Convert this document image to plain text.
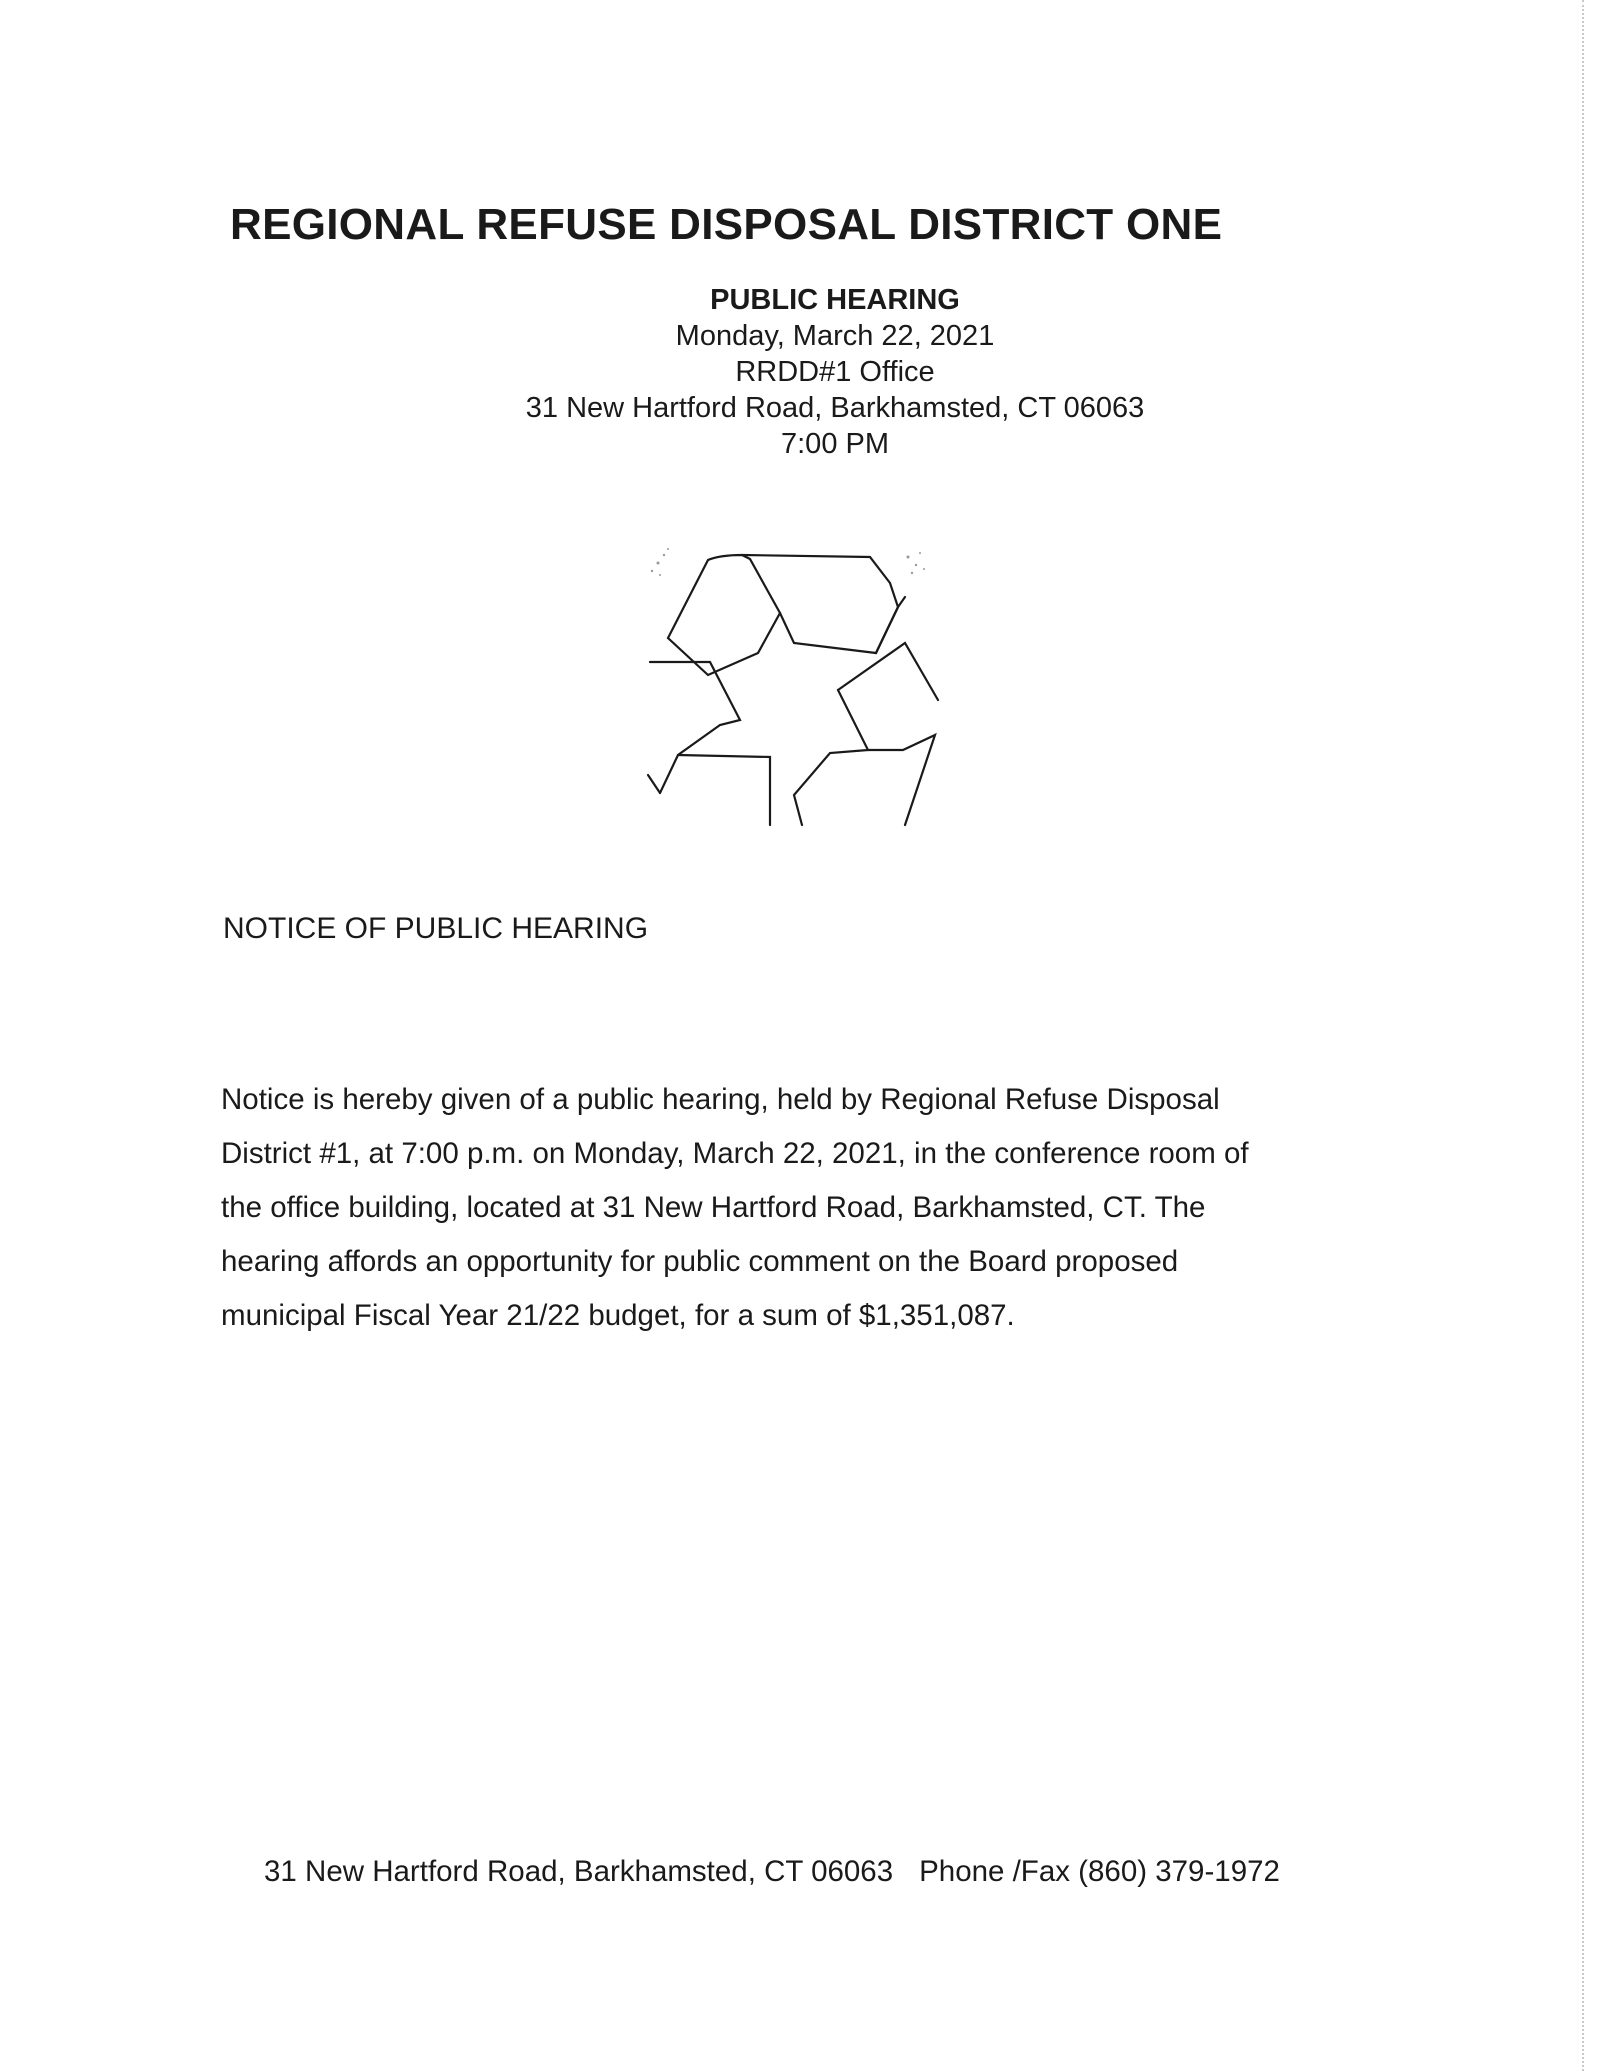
REGIONAL REFUSE DISPOSAL DISTRICT ONE
PUBLIC HEARING
Monday, March 22, 2021
RRDD#1 Office
31 New Hartford Road, Barkhamsted, CT 06063
7:00 PM
NOTICE OF PUBLIC HEARING
Notice is hereby given of a public hearing, held by Regional Refuse Disposal
District #1, at 7:00 p.m. on Monday, March 22, 2021, in the conference room of
the office building, located at 31 New Hartford Road, Barkhamsted, CT. The
hearing affords an opportunity for public comment on the Board proposed
municipal Fiscal Year 21/22 budget, for a sum of $1,351,087.
31 New Hartford Road, Barkhamsted, CT 06063 Phone /Fax (860) 379-1972
